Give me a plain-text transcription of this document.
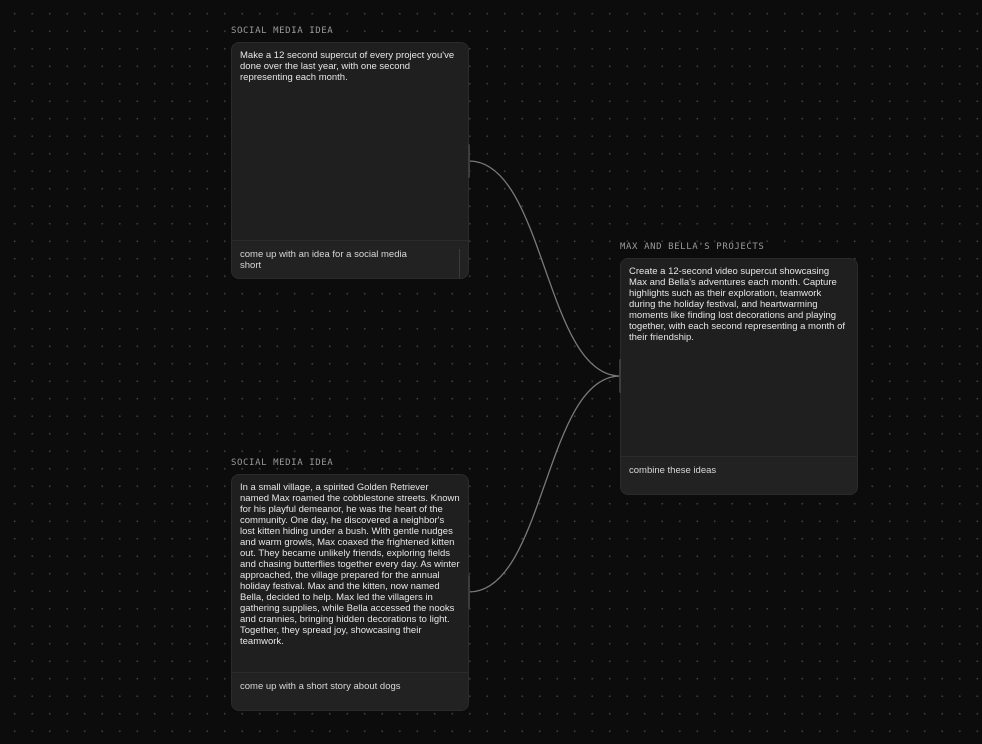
SOCIAL MEDIA IDEA
Make a 12 second supercut of every project you've done over the last year, with one second representing each month.
come up with an idea for a social media short
SOCIAL MEDIA IDEA
In a small village, a spirited Golden Retriever named Max roamed the cobblestone streets. Known for his playful demeanor, he was the heart of the community. One day, he discovered a neighbor's lost kitten hiding under a bush. With gentle nudges and warm growls, Max coaxed the frightened kitten out. They became unlikely friends, exploring fields and chasing butterflies together every day. As winter approached, the village prepared for the annual holiday festival. Max and the kitten, now named Bella, decided to help. Max led the villagers in gathering supplies, while Bella accessed the nooks and crannies, bringing hidden decorations to light. Together, they spread joy, showcasing their teamwork.
come up with a short story about dogs
MAX AND BELLA'S PROJECTS
Create a 12-second video supercut showcasing Max and Bella's adventures each month. Capture highlights such as their exploration, teamwork during the holiday festival, and heartwarming moments like finding lost decorations and playing together, with each second representing a month of their friendship.
combine these ideas
